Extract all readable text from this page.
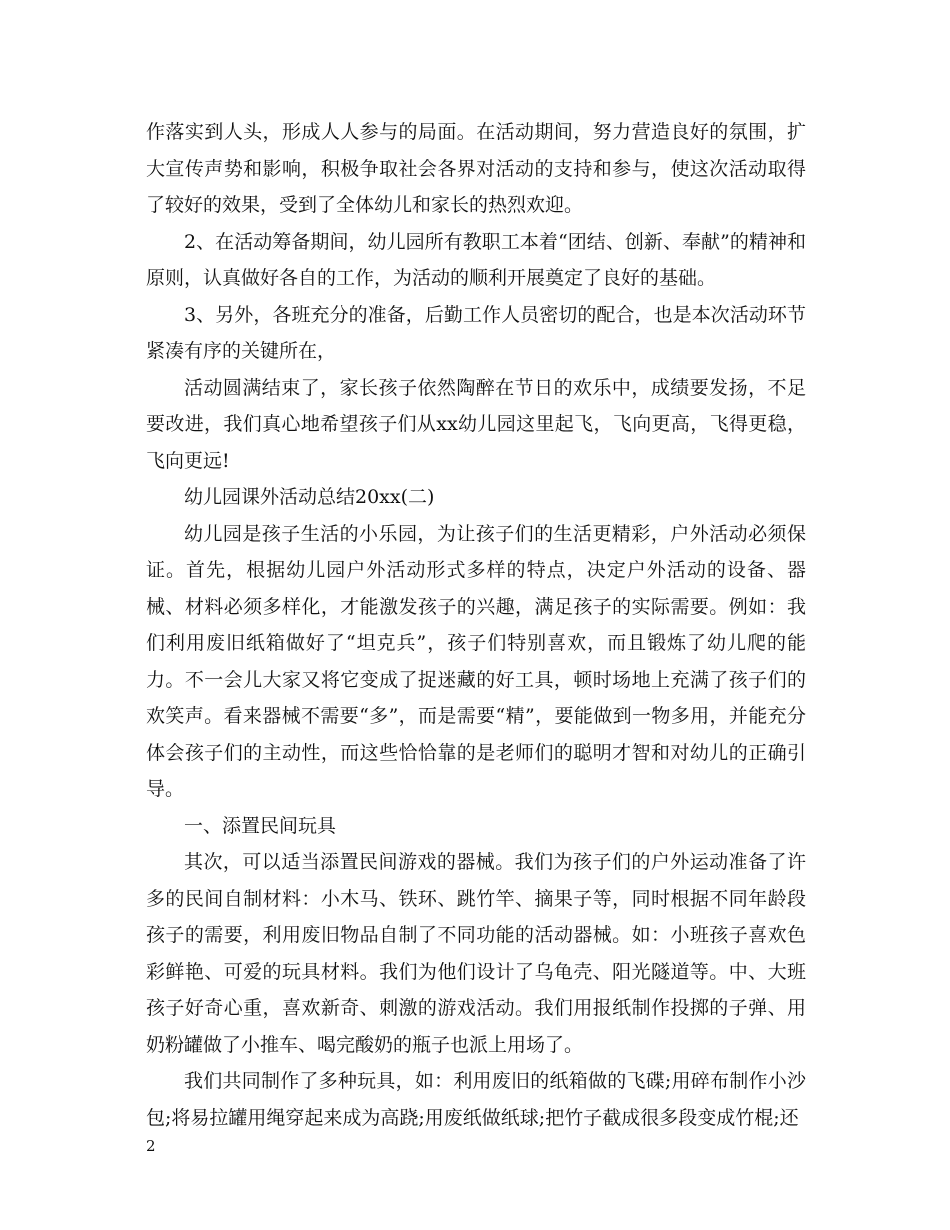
作落实到人头，形成人人参与的局面。在活动期间，努力营造良好的氛围，扩大宣传声势和影响，积极争取社会各界对活动的支持和参与，使这次活动取得了较好的效果，受到了全体幼儿和家长的热烈欢迎。

2、在活动筹备期间，幼儿园所有教职工本着“团结、创新、奉献”的精神和原则，认真做好各自的工作，为活动的顺利开展奠定了良好的基础。

3、另外，各班充分的准备，后勤工作人员密切的配合，也是本次活动环节紧凑有序的关键所在，

活动圆满结束了，家长孩子依然陶醉在节日的欢乐中，成绩要发扬，不足要改进，我们真心地希望孩子们从xx幼儿园这里起飞，飞向更高，飞得更稳，飞向更远!

幼儿园课外活动总结20xx(二)

幼儿园是孩子生活的小乐园，为让孩子们的生活更精彩，户外活动必须保证。首先，根据幼儿园户外活动形式多样的特点，决定户外活动的设备、器械、材料必须多样化，才能激发孩子的兴趣，满足孩子的实际需要。例如：我们利用废旧纸箱做好了“坦克兵”，孩子们特别喜欢，而且锻炼了幼儿爬的能力。不一会儿大家又将它变成了捉迷藏的好工具，顿时场地上充满了孩子们的欢笑声。看来器械不需要“多”，而是需要“精”，要能做到一物多用，并能充分体会孩子们的主动性，而这些恰恰靠的是老师们的聪明才智和对幼儿的正确引导。

一、添置民间玩具

其次，可以适当添置民间游戏的器械。我们为孩子们的户外运动准备了许多的民间自制材料：小木马、铁环、跳竹竿、摘果子等，同时根据不同年龄段孩子的需要，利用废旧物品自制了不同功能的活动器械。如：小班孩子喜欢色彩鲜艳、可爱的玩具材料。我们为他们设计了乌龟壳、阳光隧道等。中、大班孩子好奇心重，喜欢新奇、刺激的游戏活动。我们用报纸制作投掷的子弹、用奶粉罐做了小推车、喝完酸奶的瓶子也派上用场了。

我们共同制作了多种玩具，如：利用废旧的纸箱做的飞碟;用碎布制作小沙包;将易拉罐用绳穿起来成为高跷;用废纸做纸球;把竹子截成很多段变成竹棍;还

2
